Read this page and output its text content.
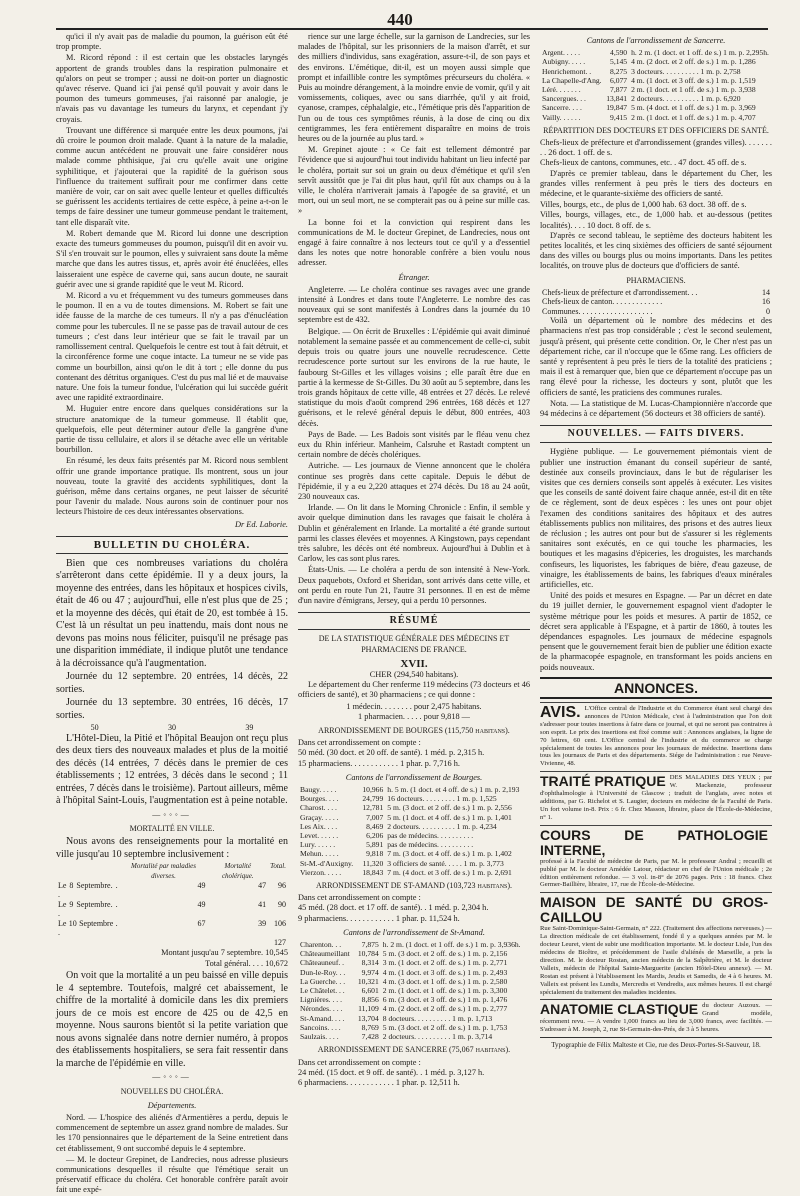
440

qu'ici il n'y avait pas de maladie du poumon, la guérison eût été trop prompte.

M. Ricord répond : il est certain que les obstacles laryngés apportent de grands troubles dans la respiration pulmonaire et qu'alors on peut se tromper ; aussi ne doit-on porter un diagnostic qu'avec réserve. Quand ici j'ai pensé qu'il pouvait y avoir dans le poumon des tumeurs gommeuses, j'ai raisonné par analogie, je n'avais pas vu davantage les tumeurs du larynx, et cependant j'y croyais.

Trouvant une différence si marquée entre les deux poumons, j'ai dû croire le poumon droit malade. Quant à la nature de la maladie, comme aucun antécédent ne prouvait une faire considérer nous malade comme phthisique, j'ai cru qu'elle avait une origine syphilitique, et j'ajouterai que la rapidité de la guérison sous l'influence du traitement suffirait pour me confirmer dans cette manière de voir, car on sait avec quelle lenteur et quelles difficultés se guérissent les accidents tertiaires de cette espèce, à peine a-t-on le temps de faire dessiner une tumeur gommeuse pendant le traitement, tant elle disparaît vite.

M. Robert demande que M. Ricord lui donne une description exacte des tumeurs gommeuses du poumon, puisqu'il dit en avoir vu. S'il s'en trouvait sur le poumon, elles y suivraient sans doute la même marche que dans les autres tissus, et, après avoir été énucléées, elles laisseraient une espèce de caverne qui, sans aucun doute, ne saurait guérir avec une si grande rapidité que le veut M. Ricord.

M. Ricord a vu et fréquemment vu des tumeurs gommeuses dans le poumon. Il en a vu de toutes dimensions. M. Robert se fait une idée fausse de la marche de ces tumeurs. Il n'y a pas d'énucléation comme pour les tubercules. Il ne se passe pas de travail autour de ces tumeurs ; c'est dans leur intérieur que se fait le travail par un ramollissement central. Quelquefois le centre est tout à fait détruit, et la circonférence forme une coque intacte. La tumeur ne se vide pas comme un bourbillon, ainsi qu'on le dit à tort ; elle donne du pus contenant des détritus organiques. C'est du pus mal lié et de mauvaise nature. Une fois la tumeur fondue, l'ulcération qui lui succède guérit avec une rapidité extraordinaire.

M. Huguier entre encore dans quelques considérations sur la structure anatomique de la tumeur gommeuse. Il établit que, quelquefois, elle peut déterminer autour d'elle la gangrène d'une partie de tissu cellulaire, et alors il se détache avec elle un véritable bourbillon.

En résumé, les deux faits présentés par M. Ricord nous semblent offrir une grande importance pratique. Ils montrent, sous un jour nouveau, toute la gravité des accidents syphilitiques, dont la guérison, même dans certains organes, ne peut laisser de sécurité pour l'avenir du malade. Nous aurons soin de continuer pour nos lecteurs l'histoire de ces deux intéressantes observations.

Dr Ed. Laborie.
BULLETIN DU CHOLÉRA.

Bien que ces nombreuses variations du choléra s'arrêteront dans cette épidémie. Il y a deux jours, la moyenne des entrées, dans les hôpitaux et hospices civils, était de 46 ou 47 ; aujourd'hui, elle n'est plus que de 25 ; et la moyenne des décès, qui était de 20, est tombée à 15. C'est là un résultat un peu inattendu, mais dont nous ne devons pas moins nous féliciter, puisqu'il ne présage pas une disparition immédiate, il indique plutôt une tendance à la décroissance qu'à l'augmentation.

Journée du 12 septembre. 20 entrées, 14 décès, 22 sorties.

Journée du 13 septembre. 30 entrées, 16 décès, 17 sorties.

50	30	39

L'Hôtel-Dieu, la Pitié et l'hôpital Beaujon ont reçu plus des deux tiers des nouveaux malades et plus de la moitié des décès (14 entrées, 7 décès dans le premier de ces établissements ; 12 entrées, 3 décès dans le second ; 11 entrées, 7 décès dans le troisième). Partout ailleurs, même à l'hôpital Saint-Louis, l'augmentation est à peine notable.

—◦◦◦—
MORTALITÉ EN VILLE.

Nous avons des renseignements pour la mortalité en ville jusqu'au 10 septembre inclusivement :

	Mortalité par maladies diverses.	Mortalité cholérique.	Total.
Le 8 Septembre. . .	49	47	96
Le 9 Septembre. . .	49	41	90
Le 10 Septembre . .	67	39	106
			127
Montant jusqu'au 7 septembre. 10,545
Total général. . . . 10,672

On voit que la mortalité a un peu baissé en ville depuis le 4 septembre. Toutefois, malgré cet abaissement, le chiffre de la mortalité à domicile dans les dix premiers jours de ce mois est encore de 425 ou de 42,5 en moyenne. Nous saurons bientôt si la petite variation que nous avons signalée dans notre dernier numéro, à propos des établissements hospitaliers, se sera fait ressentir dans la marche de l'épidémie en ville.

—◦◦◦—
NOUVELLES DU CHOLÉRA.
Départements.

Nord. — L'hospice des aliénés d'Armentières a perdu, depuis le commencement de septembre un assez grand nombre de malades. Sur les 170 pensionnaires que le département de la Seine entretient dans cet établissement, 9 ont succombé depuis le 4 septembre.

— M. le docteur Grepinet, de Landrecies, nous adresse plusieurs communications desquelles il résulte que l'émétique serait un préservatif efficace du choléra. Cet honorable confrère paraît avoir fait une expé-

rience sur une large échelle, sur la garnison de Landrecies, sur les malades de l'hôpital, sur les prisonniers de la maison d'arrêt, et sur des milliers d'individus, sans exagération, assure-t-il, de son pays et des environs. L'émétique, dit-il, est un moyen aussi simple que prompt et infaillible contre les symptômes précurseurs du choléra. « Puis au moindre dérangement, à la moindre envie de vomir, qu'il y ait vomissements, coliques, avec ou sans diarrhée, qu'il y ait froid, cyanose, crampes, céphalalgie, etc., l'émétique pris dès l'apparition de l'un ou de tous ces symptômes réunis, à la dose de cinq ou dix centigrammes, les fera entièrement disparaître en moins de trois heures ou de la journée au plus tard. »

M. Grepinet ajoute : « Ce fait est tellement démontré par l'évidence que si aujourd'hui tout individu habitant un lieu infecté par le choléra, portait sur soi un grain ou deux d'émétique et qu'il s'en servît aussitôt que je l'ai dit plus haut, qu'il fût aux champs ou à la ville, le choléra n'arriverait jamais à l'apogée de sa gravité, et un mort, oui un seul mort, ne se compterait pas ou à peine sur mille cas. »

La bonne foi et la conviction qui respirent dans les communications de M. le docteur Grepinet, de Landrecies, nous ont engagé à faire connaître à nos lecteurs tout ce qu'il y a d'essentiel dans les notes que notre honorable confrère a bien voulu nous adresser.

Étranger.

Angleterre. — Le choléra continue ses ravages avec une grande intensité à Londres et dans toute l'Angleterre. Le nombre des cas nouveaux qui se sont manifestés à Londres dans la journée du 10 septembre est de 432.

Belgique. — On écrit de Bruxelles : L'épidémie qui avait diminué notablement la semaine passée et au commencement de celle-ci, subit depuis trois ou quatre jours une nouvelle recrudescence. Cette recrudescence porte surtout sur les environs de la rue haute, le faubourg St-Gilles et les villages voisins ; elle paraît être due en partie à la kermesse de St-Gilles. Du 30 août au 5 septembre, dans les trois grands hôpitaux de cette ville, 48 entrées et 27 décès. Le relevé statistique du mois d'août comprend 296 entrées, 168 décès et 127 guérisons, et le relevé général depuis le début, 800 entrées, 403 décès.

Pays de Bade. — Les Badois sont visités par le fléau venu chez eux du Rhin inférieur. Manheim, Calsruhe et Rastadt comptent un certain nombre de décès cholériques.

Autriche. — Les journaux de Vienne annoncent que le choléra continue ses progrès dans cette capitale. Depuis le début de l'épidémie, il y a eu 2,220 attaques et 274 décès. Du 18 au 24 août, 230 nouveaux cas.

Irlande. — On lit dans le Morning Chronicle : Enfin, il semble y avoir quelque diminution dans les ravages que faisait le choléra à Dublin et généralement en Irlande. La mortalité a été grande surtout parmi les classes élevées et moyennes. A Kingstown, pays cependant très salubre, les décès ont été nombreux. Aujourd'hui à Dublin et à Carlow, les cas sont plus rares.

États-Unis. — Le choléra a perdu de son intensité à New-York. Deux paquebots, Oxford et Sheridan, sont arrivés dans cette ville, et ont perdu en route l'un 21, l'autre 31 personnes. Il en est de même d'un navire d'émigrans, Jersey, qui a perdu 10 personnes.

RÉSUMÉ
DE LA STATISTIQUE GÉNÉRALE DES MÉDECINS ET PHARMACIENS DE FRANCE.
XVII.
CHER (294,540 habitans).

Le département du Cher renferme 119 médecins (73 docteurs et 46 officiers de santé), et 30 pharmaciens ; ce qui donne :

1 médecin. . . . . . . . pour 2,475 habitans.
1 pharmacien. . . . . pour 9,818 —
ARRONDISSEMENT DE BOURGES (115,750 habitans).
Dans cet arrondissement on compte :
50 méd. (30 doct. et 20 off. de santé). 1 méd. p. 2,315 h.
15 pharmaciens. . . . . . . . . . . . 1 phar. p. 7,716 h.
Cantons de l'arrondissement de Bourges.
Baugy. . . . .	10,966	h. 5 m. (1 doct. et 4 off. de s.) 1 m. p. 2,193
Bourges. . . .	24,799	16 docteurs. . . . . . . . . 1 m. p. 1,525
Charost. . . .	12,781	5 m. (3 doct. et 2 off. de s.) 1 m. p. 2,556
Graçay. . . . .	7,007	5 m. (1 doct. et 4 off. de s.) 1 m. p. 1,401
Les Aix. . . .	8,469	2 docteurs. . . . . . . . . . 1 m. p. 4,234
Levet. . . . . .	6,206	pas de médecins. . . . . . . . . .
Lury. . . . . .	5,891	pas de médecins. . . . . . . . . .
Mehun. . . . .	9,818	7 m. (3 doct. et 4 off. de s.) 1 m. p. 1,402
St-M.-d'Auxigny.	11,320	3 officiers de santé. . . . . 1 m. p. 3,773
Vierzon. . . . .	18,843	7 m. (4 doct. et 3 off. de s.) 1 m. p. 2,691
ARRONDISSEMENT DE ST-AMAND (103,723 habitans).
Dans cet arrondissement on compte :
45 méd. (28 doct. et 17 off. de santé). . 1 méd. p. 2,304 h.
9 pharmaciens. . . . . . . . . . . . 1 phar. p. 11,524 h.
Cantons de l'arrondissement de St-Amand.
Charenton. . .	7,875	h. 2 m. (1 doct. et 1 off. de s.) 1 m. p. 3,936h.
Châteaumeillant	10,784	5 m. (3 doct. et 2 off. de s.) 1 m. p. 2,156
Châteauneuf. .	8,314	3 m. (1 doct. et 2 off. de s.) 1 m. p. 2,771
Dun-le-Roy. . .	9,974	4 m. (1 doct. et 3 off. de s.) 1 m. p. 2,493
La Guerche. . .	10,321	4 m. (3 doct. et 1 off. de s.) 1 m. p. 2,580
Le Châtelet. . .	6,601	2 m. (1 doct. et 1 off. de s.) 1 m. p. 3,300
Lignières. . . .	8,856	6 m. (3 doct. et 3 off. de s.) 1 m. p. 1,476
Nérondes. . . .	11,109	4 m. (2 doct. et 2 off. de s.) 1 m. p. 2,777
St-Amand. . . .	13,704	8 docteurs. . . . . . . . . . 1 m. p. 1,713
Sancoins. . . .	8,769	5 m. (3 doct. et 2 off. de s.) 1 m. p. 1,753
Saulzais. . . .	7,428	2 docteurs. . . . . . . . . . 1 m. p. 3,714
ARRONDISSEMENT DE SANCERRE (75,067 habitans).
Dans cet arrondissement on compte :
24 méd. (15 doct. et 9 off. de santé). . 1 méd. p. 3,127 h.
6 pharmaciens. . . . . . . . . . . . 1 phar. p. 12,511 h.
Cantons de l'arrondissement de Sancerre.
Argent. . . . .	4,590	h. 2 m. (1 doct. et 1 off. de s.) 1 m. p. 2,295h.
Aubigny. . . . .	5,145	4 m. (2 doct. et 2 off. de s.) 1 m. p. 1,286
Henrichemont. .	8,275	3 docteurs. . . . . . . . . . 1 m. p. 2,758
La Chapelle-d'Ang.	6,077	4 m. (1 doct. et 3 off. de s.) 1 m. p. 1,519
Léré. . . . . . .	7,877	2 m. (1 doct. et 1 off. de s.) 1 m. p. 3,938
Sancergues. . .	13,841	2 docteurs. . . . . . . . . . 1 m. p. 6,920
Sancerre. . . .	19,847	5 m. (4 doct. et 1 off. de s.) 1 m. p. 3,969
Vailly. . . . . .	9,415	2 m. (1 doct. et 1 off. de s.) 1 m. p. 4,707
RÉPARTITION DES DOCTEURS ET DES OFFICIERS DE SANTÉ.
Chefs-lieux de préfecture et d'arrondissement (grandes villes). . . . . . . . . 26 doct. 1 off. de s.
Chefs-lieux de cantons, communes, etc. . 47 doct. 45 off. de s.

D'après ce premier tableau, dans le département du Cher, les grandes villes renferment à peu près le tiers des docteurs en médecine, et le quarante-sixième des officiers de santé.

Villes, bourgs, etc., de plus de 1,000 hab. 63 doct. 38 off. de s.
Villes, bourgs, villages, etc., de 1,000 hab. et au-dessous (petites localités). . . . 10 doct. 8 off. de s.

D'après ce second tableau, le septième des docteurs habitent les petites localités, et les cinq sixièmes des officiers de santé séjournent dans des villes ou bourgs plus ou moins importants. Dans les petites localités, on trouve plus de docteurs que d'officiers de santé.

PHARMACIENS.
Chefs-lieux de préfecture et d'arrondissement. . .	14
Chefs-lieux de canton. . . . . . . . . . . . .	16
Communes. . . . . . . . . . . . . . . . . . .	0

Voilà un département où le nombre des médecins et des pharmaciens n'est pas trop considérable ; c'est le second seulement, jusqu'à présent, qui présente cette condition. Or, le Cher n'est pas un département riche, car il n'occupe que le 65me rang. Les officiers de santé y représentent à peu près le tiers de la totalité des praticiens ; mais il est à remarquer que, bien que ce département n'occupe pas un rang élevé pour la richesse, les docteurs y sont, plutôt que les officiers de santé, les praticiens des communes rurales.

Nota. — La statistique de M. Lucas-Championnière n'accorde que 94 médecins à ce département (56 docteurs et 38 officiers de santé).

NOUVELLES. — FAITS DIVERS.

Hygiène publique. — Le gouvernement piémontais vient de publier une instruction émanant du conseil supérieur de santé, destinée aux conseils provinciaux, dans le but de régulariser les visites que ces derniers conseils sont appelés à exécuter. Les visites que les conseils de santé doivent faire chaque année, est-il dit en tête de ce règlement, sont de deux espèces : les unes ont pour objet l'examen des conditions sanitaires des hôpitaux et des autres établissements publics non militaires, des prisons et des autres lieux de réclusion ; les autres ont pour but de s'assurer si les règlements sanitaires sont exécutés, en ce qui touche les pharmacies, les boutiques et les magasins d'épiceries, les droguistes, les marchands confiseurs, les liquoristes, les fabriques de bière, d'eau gazeuse, de vinaigre, les établissements de bains, les fabriques d'eaux minérales artificielles, etc.

Unité des poids et mesures en Espagne. — Par un décret en date du 19 juillet dernier, le gouvernement espagnol vient d'adopter le système métrique pour les poids et mesures. A partir de 1852, ce décret sera applicable à l'Espagne, et à partir de 1860, à toutes les dépendances espagnoles. Les journaux de médecine espagnols pensent que le gouvernement ferait bien de publier une édition exacte de la pharmacopée espagnole, en transformant les poids anciens en poids nouveaux.

ANNONCES.
AVIS. L'Office central de l'Industrie et du Commerce étant seul chargé des annonces de l'Union Médicale, c'est à l'administration que l'on doit s'adresser pour toutes insertions à faire dans ce journal, et qui ne seront pas contraires à son esprit. Le prix des insertions est fixé comme suit : Annonces anglaises, la ligne de 70 lettres, 60 cent. L'Office central de l'industrie et du commerce se charge spécialement de toutes les annonces pour les journaux de médecine. Insertions dans tous les journaux de Paris et des départements. Siége de l'administration : rue Neuve-Vivienne, 48.
TRAITÉ PRATIQUE DES MALADIES DES YEUX ; par W. Mackenzie, professeur d'ophthalmologie à l'Université de Glascow ; traduit de l'anglais, avec notes et additions, par G. Richelot et S. Laugier, docteurs en médecine de la Faculté de Paris. Un fort volume in-8. Prix : 6 fr. Chez Masson, libraire, place de l'École-de-Médecine, n° 1.
COURS DE PATHOLOGIE INTERNE,
professé à la Faculté de médecine de Paris, par M. le professeur Andral ; recueilli et publié par M. le docteur Amédée Latour, rédacteur en chef de l'Union médicale ; 2e édition entièrement refondue. — 3 vol. in-8° de 2076 pages. Prix : 18 francs. Chez Germer-Baillière, libraire, 17, rue de l'École-de-Médecine.
MAISON DE SANTÉ DU GROS-CAILLOU
Rue Saint-Dominique-Saint-Germain, n° 222. (Traitement des affections nerveuses.) — La direction médicale de cet établissement, fondé il y a quelques années par M. le docteur Leuret, vient de subir une modification importante. M. le docteur Lisle, l'un des médecins de Bicêtre, et précédemment de l'asile d'aliénés de Marseille, a pris la direction. M. le docteur Rostan, ancien médecin de la Salpêtrière, et M. le docteur Valleix, médecin de l'hôpital Sainte-Marguerite (ancien Hôtel-Dieu annexe). — M. Rostan est présent à l'établissement les Mardis, Jeudis et Samedis, de 4 à 6 heures. M. Valleix est présent les Lundis, Mercredis et Vendredis, aux mêmes heures. Il est chargé spécialement du traitement des maladies incidentes.
ANATOMIE CLASTIQUE du docteur Auzoux. — Grand modèle, récemment revu. — A vendre 1,000 francs au lieu de 3,000 francs, avec facilités. — S'adresser à M. Joseph, 2, rue St-Germain-des-Prés, de 3 à 5 heures.
Typographie de Félix Malteste et Cie, rue des Deux-Portes-St-Sauveur, 18.
